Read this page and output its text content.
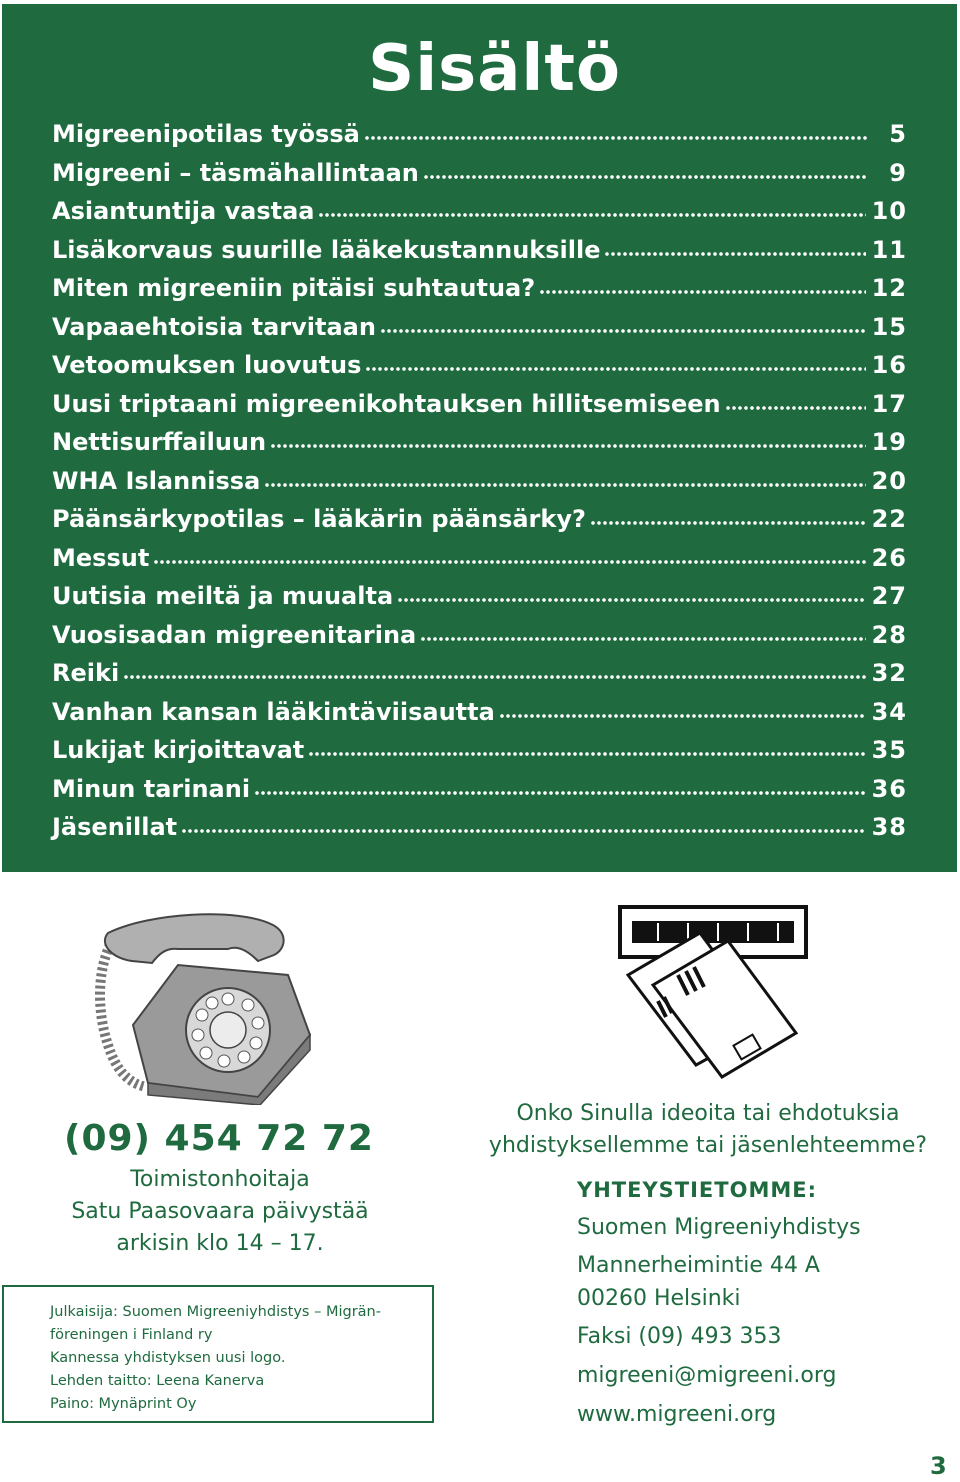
Sisältö
Migreenipotilas työssä	5
Migreeni – täsmähallintaan	9
Asiantuntija vastaa	10
Lisäkorvaus suurille lääkekustannuksille	11
Miten migreeniin pitäisi suhtautua?	12
Vapaaehtoisia tarvitaan	15
Vetoomuksen luovutus	16
Uusi triptaani migreenikohtauksen hillitsemiseen	17
Nettisurffailuun	19
WHA Islannissa	20
Päänsärkypotilas – lääkärin päänsärky?	22
Messut	26
Uutisia meiltä ja muualta	27
Vuosisadan migreenitarina	28
Reiki	32
Vanhan kansan lääkintäviisautta	34
Lukijat kirjoittavat	35
Minun tarinani	36
Jäsenillat	38
(09) 454 72 72
Toimistonhoitaja
Satu Paasovaara päivystää
arkisin klo 14 – 17.
Julkaisija: Suomen Migreeniyhdistys – Migrän-
föreningen i Finland ry
Kannessa yhdistyksen uusi logo.
Lehden taitto: Leena Kanerva
Paino: Mynäprint Oy
Onko Sinulla ideoita tai ehdotuksia
yhdistyksellemme tai jäsenlehteemme?
YHTEYSTIETOMME:
Suomen Migreeniyhdistys
Mannerheimintie 44 A
00260 Helsinki
Faksi (09) 493 353
migreeni@migreeni.org
www.migreeni.org
3
